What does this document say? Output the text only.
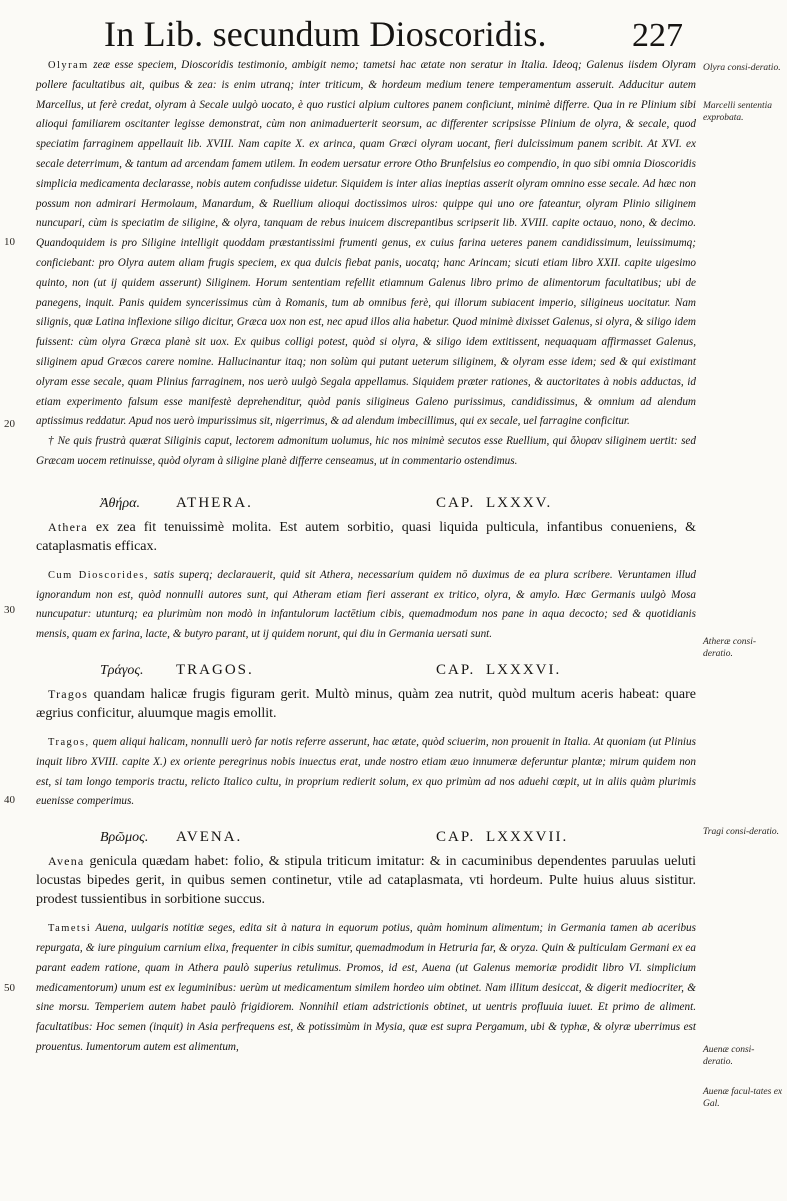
In Lib. secundum Dioscoridis.	227
10
20
30
40
50
Olyra consi-deratio.
Marcelli sententia exprobata.
Atheræ consi-deratio.
Tragi consi-deratio.
Auenæ consi-deratio.
Auenæ facul-tates ex Gal.

Olyram zeæ esse speciem, Dioscoridis testimonio, ambigit nemo; tametsi hac ætate non seratur in Italia. Ideoq; Galenus iisdem Olyram pollere facultatibus ait, quibus & zea: is enim utranq; inter triticum, & hordeum medium tenere temperamentum asseruit. Adducitur autem Marcellus, ut ferè credat, olyram à Secale uulgò uocato, è quo rustici alpium cultores panem conficiunt, minimè differre. Qua in re Plinium sibi alioqui familiarem oscitanter legisse demonstrat, cùm non animaduerterit seorsum, ac differenter scripsisse Plinium de olyra, & secale, quod speciatim farraginem appellauit lib. XVIII. Nam capite X. ex arinca, quam Græci olyram uocant, fieri dulcissimum panem scribit. At XVI. ex secale deterrimum, & tantum ad arcendam famem utilem. In eodem uersatur errore Otho Brunfelsius eo compendio, in quo sibi omnia Dioscoridis simplicia medicamenta declarasse, nobis autem confudisse uidetur. Siquidem is inter alias ineptias asserit olyram omnino esse secale. Ad hæc non possum non admirari Hermolaum, Manardum, & Ruellium alioqui doctissimos uiros: quippe qui uno ore fateantur, olyram Plinio siliginem nuncupari, cùm is speciatim de siligine, & olyra, tanquam de rebus inuicem discrepantibus scripserit lib. XVIII. capite octauo, nono, & decimo. Quandoquidem is pro Siligine intelligit quoddam præstantissimi frumenti genus, ex cuius farina ueteres panem candidissimum, leuissimumq; conficiebant: pro Olyra autem aliam frugis speciem, ex qua dulcis fiebat panis, uocatq; hanc Arincam; sicuti etiam libro XXII. capite uigesimo quinto, non (ut ij quidem asserunt) Siliginem. Horum sententiam refellit etiamnum Galenus libro primo de alimentorum facultatibus; ubi de panegens, inquit. Panis quidem syncerissimus cùm à Romanis, tum ab omnibus ferè, qui illorum subiacent imperio, siligineus uocitatur. Nam silignis, quæ Latina inflexione siligo dicitur, Græca uox non est, nec apud illos alia habetur. Quod minimè dixisset Galenus, si olyra, & siligo idem fuissent: cùm olyra Græca planè sit uox. Ex quibus colligi potest, quòd si olyra, & siligo idem extitissent, nequaquam affirmasset Galenus, siliginem apud Græcos carere nomine. Hallucinantur itaq; non solùm qui putant ueterum siliginem, & olyram esse idem; sed & qui existimant olyram esse secale, quam Plinius farraginem, nos uerò uulgò Segala appellamus. Siquidem præter rationes, & auctoritates à nobis adductas, id etiam experimento falsum esse manifestè deprehenditur, quòd panis siligineus Galeno purissimus, candidissimus, & omnium ad alendum aptissimus reddatur. Apud nos uerò impurissimus sit, nigerrimus, & ad alendum imbecillimus, qui ex secale, uel farragine conficitur.

† Ne quis frustrà quærat Siliginis caput, lectorem admonitum uolumus, hic nos minimè secutos esse Ruellium, qui ὄλυραν siliginem uertit: sed Græcam uocem retinuisse, quòd olyram à siligine planè differre censeamus, ut in commentario ostendimus.

Ἀθήρα. ATHERA.	CAP. LXXXV.

Athera ex zea fit tenuissimè molita. Est autem sorbitio, quasi liquida pulticula, infantibus conueniens, & cataplasmatis efficax.

Cum Dioscorides, satis superq; declarauerit, quid sit Athera, necessarium quidem nō duximus de ea plura scribere. Veruntamen illud ignorandum non est, quòd nonnulli autores sunt, qui Atheram etiam fieri asserant ex tritico, olyra, & amylo. Hæc Germanis uulgò Mosa nuncupatur: utunturq; ea plurimùm non modò in infantulorum lactētium cibis, quemadmodum nos pane in aqua decocto; sed & quotidianis mensis, quam ex farina, lacte, & butyro parant, ut ij quidem norunt, qui diu in Germania uersati sunt.

Τράγος. TRAGOS.	CAP. LXXXVI.

Tragos quandam halicæ frugis figuram gerit. Multò minus, quàm zea nutrit, quòd multum aceris habeat: quare ægrius conficitur, aluumque magis emollit.

Tragos, quem aliqui halicam, nonnulli uerò far notis referre asserunt, hac ætate, quòd sciuerim, non prouenit in Italia. At quoniam (ut Plinius inquit libro XVIII. capite X.) ex oriente peregrinus nobis inuectus erat, unde nostro etiam æuo innumeræ deferuntur plantæ; mirum quidem non est, si tam longo temporis tractu, relicto Italico cultu, in proprium redierit solum, ex quo primùm ad nos aduehi cœpit, ut in aliis quàm plurimis euenisse comperimus.

Βρῶμος. AVENA.	CAP. LXXXVII.

Avena genicula quædam habet: folio, & stipula triticum imitatur: & in cacuminibus dependentes paruulas ueluti locustas bipedes gerit, in quibus semen continetur, vtile ad cataplasmata, vti hordeum. Pulte huius aluus sistitur. prodest tussientibus in sorbitione succus.

Tametsi Auena, uulgaris notitiæ seges, edita sit à natura in equorum potius, quàm hominum alimentum; in Germania tamen ab aceribus repurgata, & iure pinguium carnium elixa, frequenter in cibis sumitur, quemadmodum in Hetruria far, & oryza. Quin & pulticulam Germani ex ea parant eadem ratione, quam in Athera paulò superius retulimus. Promos, id est, Auena (ut Galenus memoriæ prodidit libro VI. simplicium medicamentorum) unum est ex leguminibus: uerùm ut medicamentum similem hordeo uim obtinet. Nam illitum desiccat, & digerit mediocriter, & sine morsu. Temperiem autem habet paulò frigidiorem. Nonnihil etiam adstrictionis obtinet, ut uentris profluuia iuuet. Et primo de aliment. facultatibus: Hoc semen (inquit) in Asia perfrequens est, & potissimùm in Mysia, quæ est supra Pergamum, ubi & typhæ, & olyræ uberrimus est prouentus. Iumentorum autem est alimentum,
